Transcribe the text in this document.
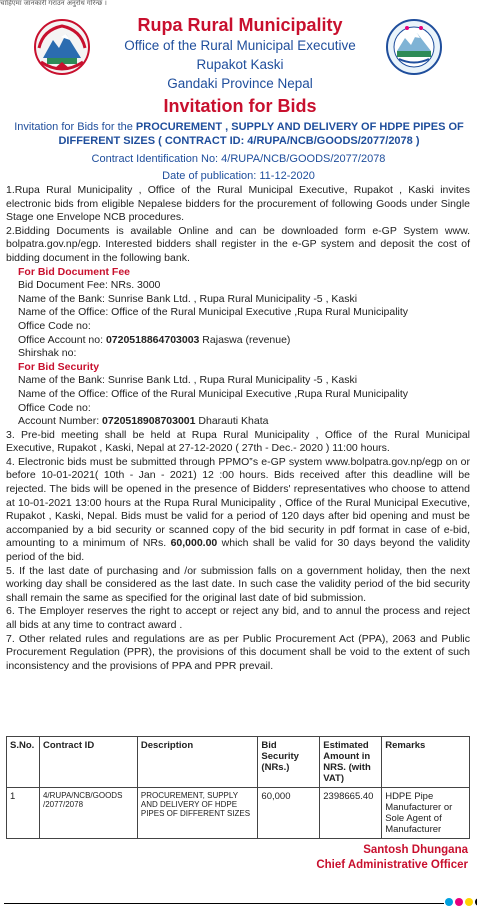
चाहिएमा जानकारी गराउन अनुरोध गरिन्छ ।
Rupa Rural Municipality
Office of the Rural Municipal Executive
Rupakot Kaski
Gandaki Province Nepal
Invitation for Bids
Invitation for Bids for the PROCUREMENT , SUPPLY AND DELIVERY OF HDPE PIPES OF DIFFERENT SIZES ( CONTRACT ID: 4/RUPA/NCB/GOODS/2077/2078 )
Contract Identification No: 4/RUPA/NCB/GOODS/2077/2078
Date of publication: 11-12-2020
1.Rupa Rural Municipality , Office of the Rural Municipal Executive, Rupakot , Kaski invites electronic bids from eligible Nepalese bidders for the procurement of following Goods under Single Stage one Envelope NCB procedures.
2.Bidding Documents is available Online and can be downloaded form e-GP System www. bolpatra.gov.np/egp. Interested bidders shall register in the e-GP system and deposit the cost of bidding document in the following bank.
For Bid Document Fee
Bid Document Fee: NRs. 3000
Name of the Bank: Sunrise Bank Ltd. , Rupa Rural Municipality -5 , Kaski
Name of the Office: Office of the Rural Municipal Executive ,Rupa Rural Municipality
Office Code no:
Office Account no: 0720518864703003 Rajaswa (revenue)
Shirshak no:
For Bid Security
Name of the Bank: Sunrise Bank Ltd. , Rupa Rural Municipality -5 , Kaski
Name of the Office: Office of the Rural Municipal Executive ,Rupa Rural Municipality
Office Code no:
Account Number: 0720518908703001 Dharauti Khata
3. Pre-bid meeting shall be held at Rupa Rural Municipality , Office of the Rural Municipal Executive, Rupakot , Kaski, Nepal at 27-12-2020 ( 27th - Dec.- 2020 ) 11:00 hours.
4. Electronic bids must be submitted through PPMO‟s e-GP system www.bolpatra.gov.np/egp on or before 10-01-2021( 10th - Jan - 2021) 12 :00 hours. Bids received after this deadline will be rejected. The bids will be opened in the presence of Bidders' representatives who choose to attend at 10-01-2021 13:00 hours at the Rupa Rural Municipality , Office of the Rural Municipal Executive, Rupakot , Kaski, Nepal. Bids must be valid for a period of 120 days after bid opening and must be accompanied by a bid security or scanned copy of the bid security in pdf format in case of e-bid, amounting to a minimum of NRs. 60,000.00 which shall be valid for 30 days beyond the validity period of the bid.
5. If the last date of purchasing and /or submission falls on a government holiday, then the next working day shall be considered as the last date. In such case the validity period of the bid security shall remain the same as specified for the original last date of bid submission.
6. The Employer reserves the right to accept or reject any bid, and to annul the process and reject all bids at any time to contract award .
7. Other related rules and regulations are as per Public Procurement Act (PPA), 2063 and Public Procurement Regulation (PPR), the provisions of this document shall be void to the extent of such inconsistency and the provisions of PPA and PPR prevail.
S.No.	Contract ID	Description	Bid Security (NRs.)	Estimated Amount in NRS. (with VAT)	Remarks
1	4/RUPA/NCB/GOODS /2077/2078	PROCUREMENT, SUPPLY AND DELIVERY OF HDPE PIPES OF DIFFERENT SIZES	60,000	2398665.40	HDPE Pipe Manufacturer or Sole Agent of Manufacturer
Santosh Dhungana
Chief Administrative Officer
